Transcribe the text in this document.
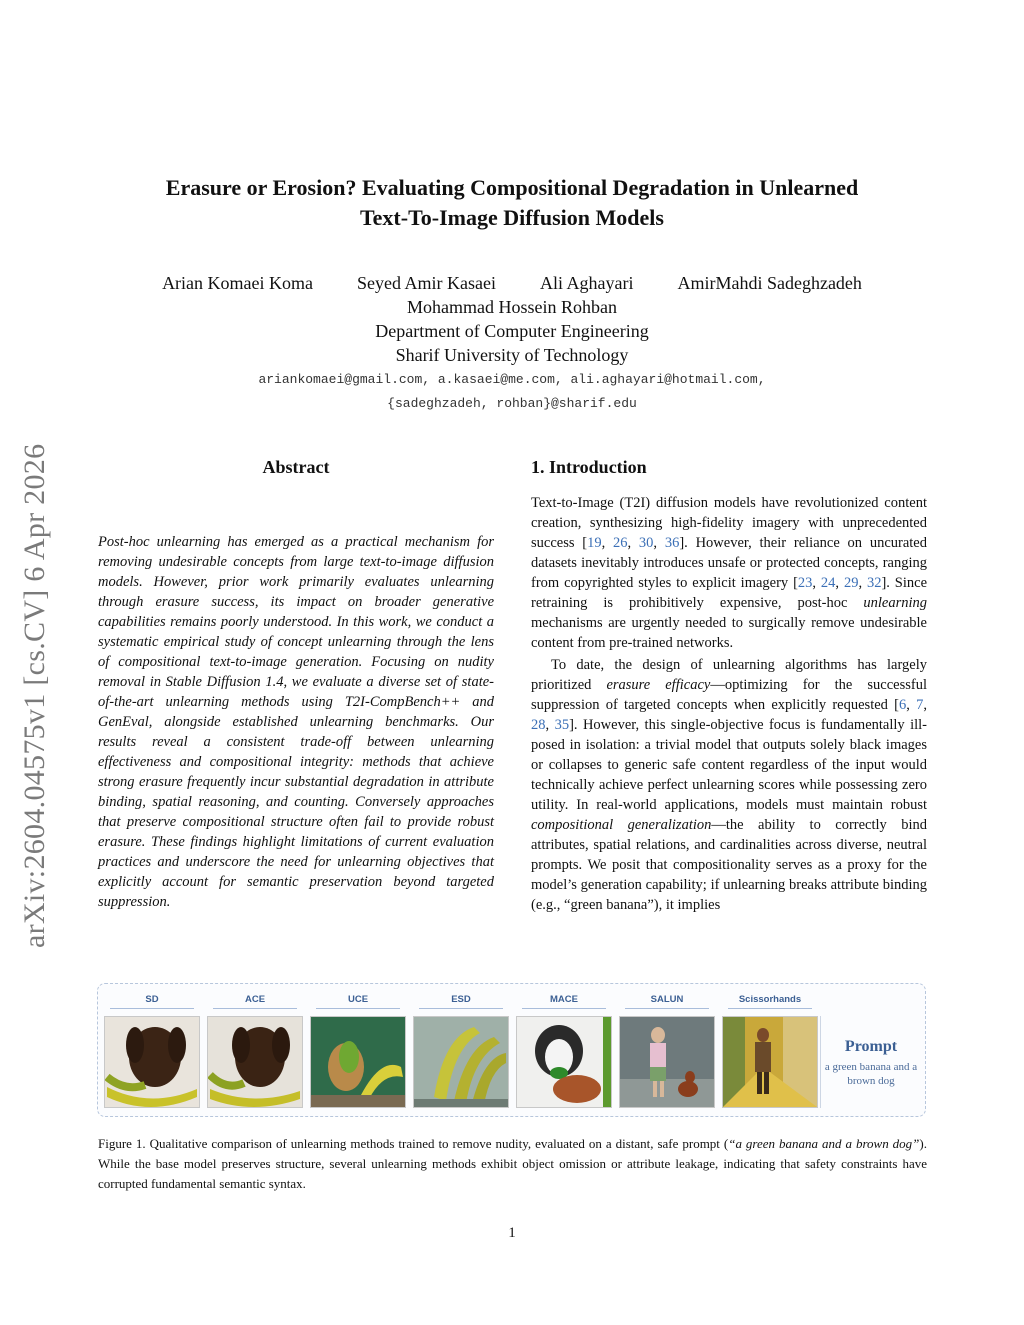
Erasure or Erosion? Evaluating Compositional Degradation in Unlearned
Text-To-Image Diffusion Models
Arian Komaei Koma Seyed Amir Kasaei Ali Aghayari AmirMahdi Sadeghzadeh
Mohammad Hossein Rohban
Department of Computer Engineering
Sharif University of Technology
ariankomaei@gmail.com, a.kasaei@me.com, ali.aghayari@hotmail.com,
{sadeghzadeh, rohban}@sharif.edu
arXiv:2604.04575v1 [cs.CV] 6 Apr 2026	Abstract
Post-hoc unlearning has emerged as a practical mechanism for removing undesirable concepts from large text-to-image diffusion models. However, prior work primarily evaluates unlearning through erasure success, its impact on broader generative capabilities remains poorly understood. In this work, we conduct a systematic empirical study of concept unlearning through the lens of compositional text-to-image generation. Focusing on nudity removal in Stable Diffusion 1.4, we evaluate a diverse set of state-of-the-art unlearning methods using T2I-CompBench++ and GenEval, alongside established unlearning benchmarks. Our results reveal a consistent trade-off between unlearning effectiveness and compositional integrity: methods that achieve strong erasure frequently incur substantial degradation in attribute binding, spatial reasoning, and counting. Conversely approaches that preserve compositional structure often fail to provide robust erasure. These findings highlight limitations of current evaluation practices and underscore the need for unlearning objectives that explicitly account for semantic preservation beyond targeted suppression.
1. Introduction

Text-to-Image (T2I) diffusion models have revolutionized content creation, synthesizing high-fidelity imagery with unprecedented success [19, 26, 30, 36]. However, their reliance on uncurated datasets inevitably introduces unsafe or protected concepts, ranging from copyrighted styles to explicit imagery [23, 24, 29, 32]. Since retraining is prohibitively expensive, post-hoc unlearning mechanisms are urgently needed to surgically remove undesirable content from pre-trained networks.

To date, the design of unlearning algorithms has largely prioritized erasure efficacy—optimizing for the successful suppression of targeted concepts when explicitly requested [6, 7, 28, 35]. However, this single-objective focus is fundamentally ill-posed in isolation: a trivial model that outputs solely black images or collapses to generic safe content regardless of the input would technically achieve perfect unlearning scores while possessing zero utility. In real-world applications, models must maintain robust compositional generalization—the ability to correctly bind attributes, spatial relations, and cardinalities across diverse, neutral prompts. We posit that compositionality serves as a proxy for the model’s generation capability; if unlearning breaks attribute binding (e.g., “green banana”), it implies

SD	ACE	UCE	ESD	MACE	SALUN	Scissorhands
Prompt
a green banana and a brown dog
Figure 1. Qualitative comparison of unlearning methods trained to remove nudity, evaluated on a distant, safe prompt (“a green banana and a brown dog”). While the base model preserves structure, several unlearning methods exhibit object omission or attribute leakage, indicating that safety constraints have corrupted fundamental semantic syntax.
1
